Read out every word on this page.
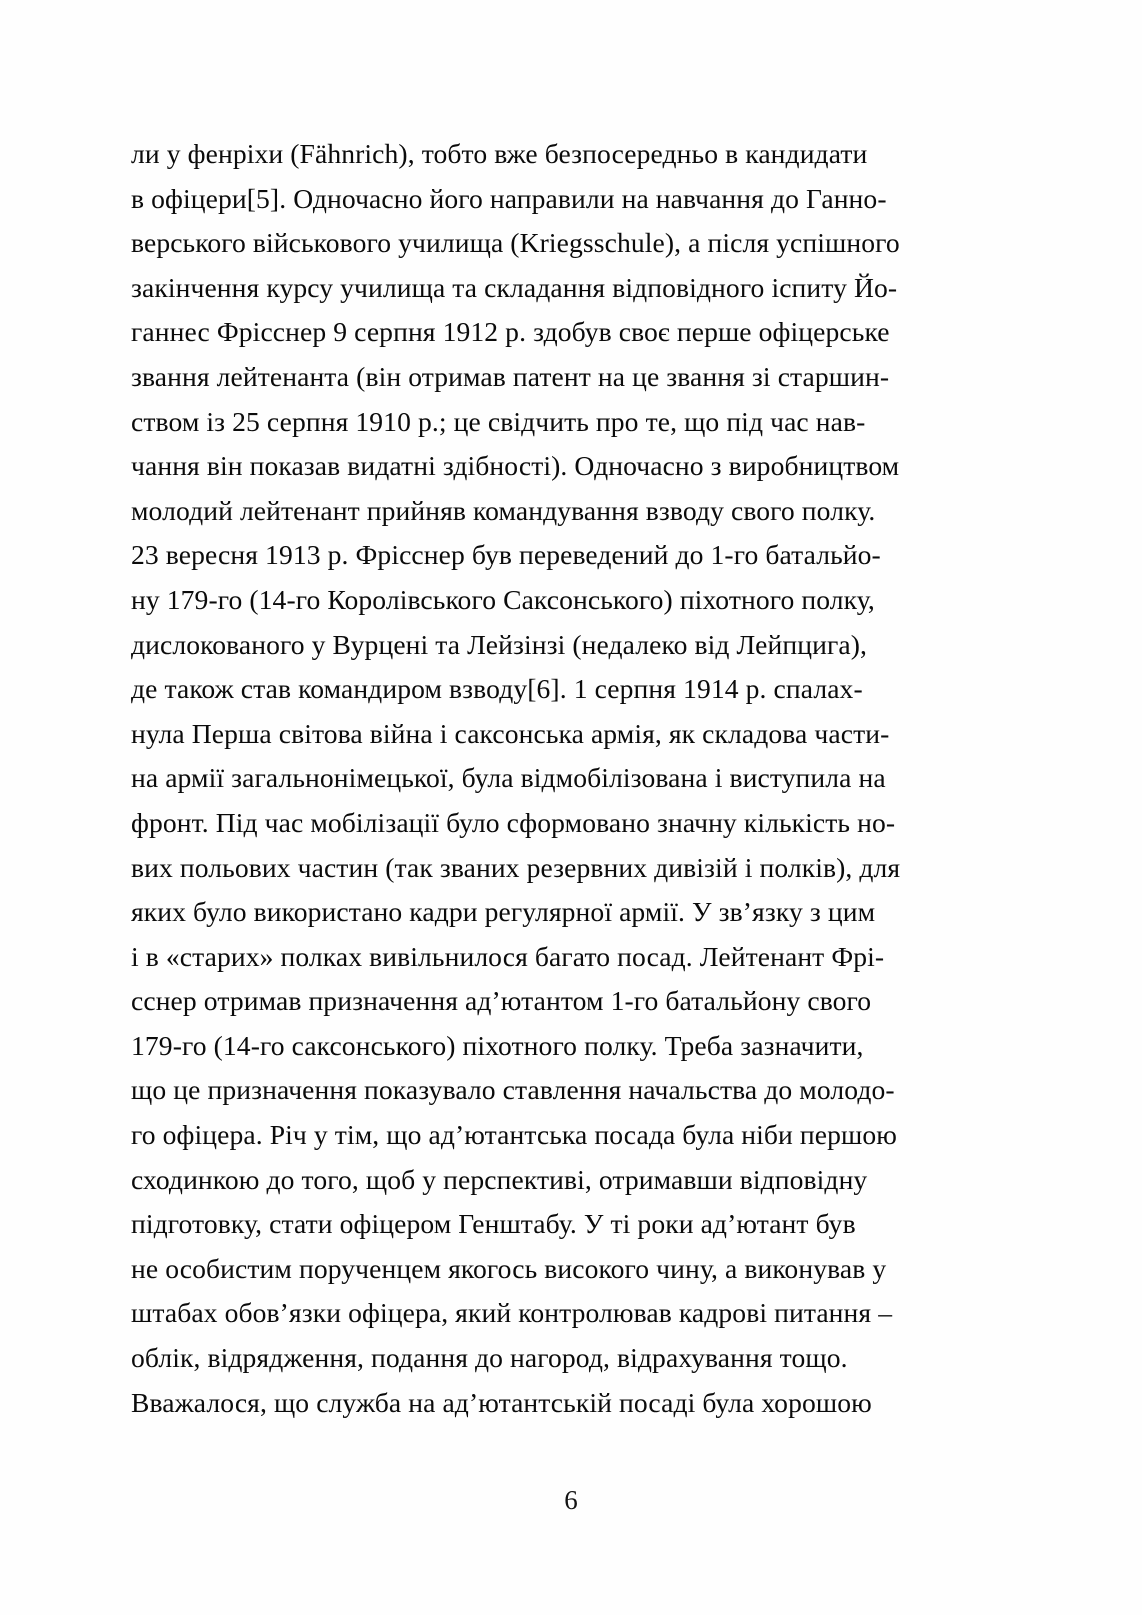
ли у фенріхи (Fähnrich), тобто вже безпосередньо в кандидати
в офіцери[5]. Одночасно його направили на навчання до Ганно-
верського військового училища (Kriegsschule), а після успішного
закінчення курсу училища та складання відповідного іспиту Йо-
ганнес Фріccнер 9 серпня 1912 р. здобув своє перше офіцерське
звання лейтенанта (він отримав патент на це звання зі старшин-
ством із 25 серпня 1910 р.; це свідчить про те, що під час нав-
чання він показав видатні здібності). Одночасно з виробництвом
молодий лейтенант прийняв командування взводу свого полку.
23 вересня 1913 р. Фрісснер був переведений до 1-го батальйо-
ну 179-го (14-го Королівського Саксонського) піхотного полку,
дислокованого у Вурцені та Лейзінзі (недалеко від Лейпцига),
де також став командиром взводу[6]. 1 серпня 1914 р. спалах-
нула Перша світова війна і саксонська армія, як складова части-
на армії загальнонімецької, була відмобілізована і виступила на
фронт. Під час мобілізації було сформовано значну кількість но-
вих польових частин (так званих резервних дивізій і полків), для
яких було використано кадри регулярної армії. У зв’язку з цим
і в «старих» полках вивільнилося багато посад. Лейтенант Фрі-
ccнер отримав призначення ад’ютантом 1-го батальйону свого
179-го (14-го саксонського) піхотного полку. Треба зазначити,
що це призначення показувало ставлення начальства до молодо-
го офіцера. Річ у тім, що ад’ютантська посада була ніби першою
сходинкою до того, щоб у перспективі, отримавши відповідну
підготовку, стати офіцером Генштабу. У ті роки ад’ютант був
не особистим порученцем якогось високого чину, а виконував у
штабах обов’язки офіцера, який контролював кадрові питання –
облік, відрядження, подання до нагород, відрахування тощо.
Вважалося, що служба на ад’ютантській посаді була хорошою
6
